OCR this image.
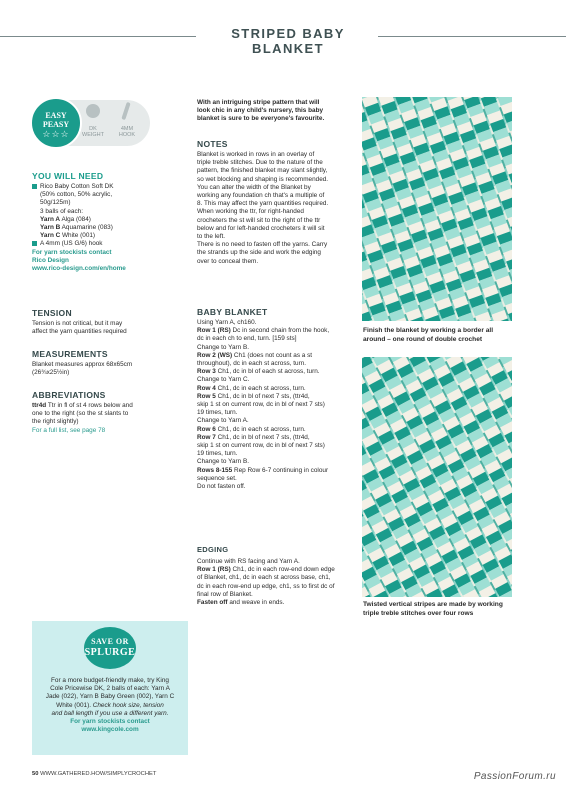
STRIPED BABY BLANKET
EASY
PEASY
☆☆☆	DK
WEIGHT
4MM
HOOK
YOU WILL NEED
Rico Baby Cotton Soft DK
(50% cotton, 50% acrylic,
50g/125m)
3 balls of each:
Yarn A Alga (084)
Yarn B Aquamarine (083)
Yarn C White (001)
A 4mm (US G/6) hook
For yarn stockists contact
Rico Design
www.rico-design.com/en/home
TENSION
Tension is not critical, but it may
affect the yarn quantities required
MEASUREMENTS
Blanket measures approx 68x65cm
(26¾x25½in)
ABBREVIATIONS
ttr4d Ttr in fl of st 4 rows below and
one to the right (so the st slants to
the right slightly)
For a full list, see page 78
SAVE OR
SPLURGE
For a more budget-friendly make, try King
Cole Pricewise DK, 2 balls of each: Yarn A
Jade (022), Yarn B Baby Green (002), Yarn C
White (001). Check hook size, tension
and ball length if you use a different yarn.
For yarn stockists contact
www.kingcole.com
With an intriguing stripe pattern that will
look chic in any child's nursery, this baby
blanket is sure to be everyone's favourite.
NOTES
Blanket is worked in rows in an overlay of
triple treble stitches. Due to the nature of the
pattern, the finished blanket may slant slightly,
so wet blocking and shaping is recommended.
You can alter the width of the Blanket by
working any foundation ch that's a multiple of
8. This may affect the yarn quantities required.
When working the ttr, for right-handed
crocheters the st will sit to the right of the ttr
below and for left-handed crocheters it will sit
to the left.
There is no need to fasten off the yarns. Carry
the strands up the side and work the edging
over to conceal them.
BABY BLANKET
Using Yarn A, ch160.
Row 1 (RS) Dc in second chain from the hook,
dc in each ch to end, turn. [159 sts]
Change to Yarn B.
Row 2 (WS) Ch1 (does not count as a st
throughout), dc in each st across, turn.
Row 3 Ch1, dc in bl of each st across, turn.
Change to Yarn C.
Row 4 Ch1, dc in each st across, turn.
Row 5 Ch1, dc in bl of next 7 sts, (ttr4d,
skip 1 st on current row, dc in bl of next 7 sts)
19 times, turn.
Change to Yarn A.
Row 6 Ch1, dc in each st across, turn.
Row 7 Ch1, dc in bl of next 7 sts, (ttr4d,
skip 1 st on current row, dc in bl of next 7 sts)
19 times, turn.
Change to Yarn B.
Rows 8-155 Rep Row 6-7 continuing in colour
sequence set.
Do not fasten off.
EDGING
Continue with RS facing and Yarn A.
Row 1 (RS) Ch1, dc in each row-end down edge
of Blanket, ch1, dc in each st across base, ch1,
dc in each row-end up edge, ch1, ss to first dc of
final row of Blanket.
Fasten off and weave in ends.
Finish the blanket by working a border all
around – one round of double crochet
Twisted vertical stripes are made by working
triple treble stitches over four rows
50 WWW.GATHERED.HOW/SIMPLYCROCHET	PassionForum.ru
